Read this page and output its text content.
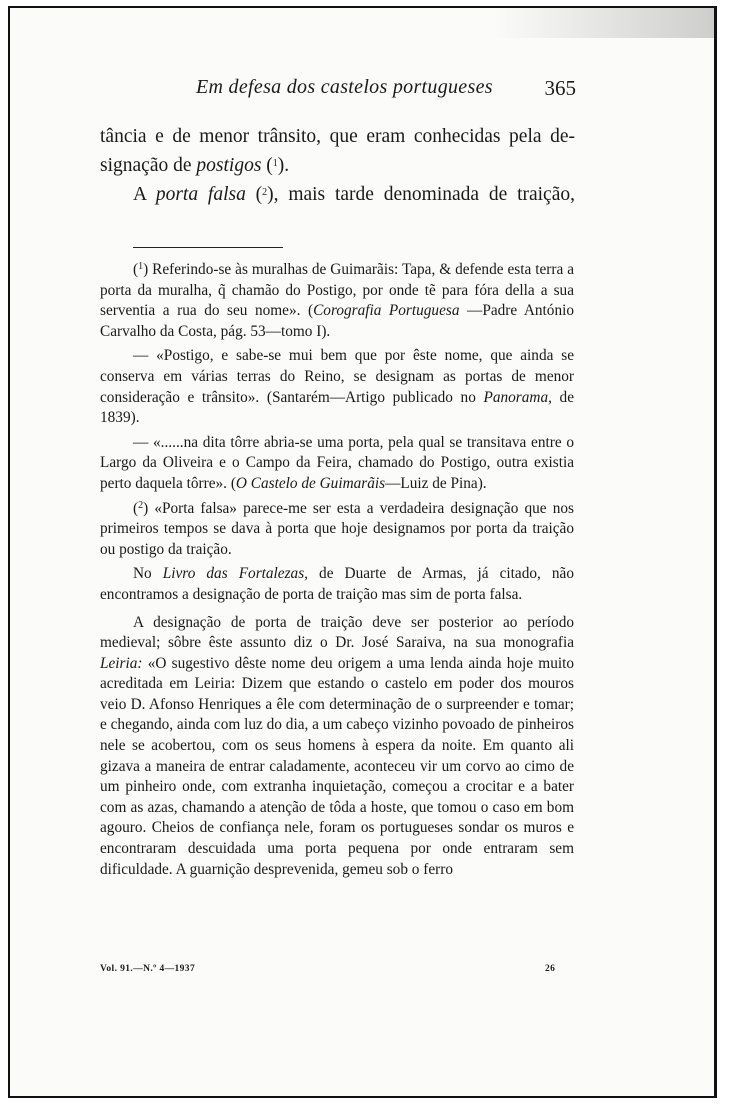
Em defesa dos castelos portugueses 365

tância e de menor trânsito, que eram conhecidas pela de-

signação de postigos ($^1$).

A porta falsa ($^2$), mais tarde denominada de traição,

($^1$) Referindo-se às muralhas de Guimarãis: Tapa, & defende esta terra a porta da muralha, q̃ chamão do Postigo, por onde tẽ para fóra della a sua serventia a rua do seu nome». (Corografia Portuguesa —Padre António Carvalho da Costa, pág. 53—tomo I).

— «Postigo, e sabe-se mui bem que por êste nome, que ainda se conserva em várias terras do Reino, se designam as portas de menor consideração e trânsito». (Santarém—Artigo publicado no Panorama, de 1839).

— «......na dita tôrre abria-se uma porta, pela qual se transitava entre o Largo da Oliveira e o Campo da Feira, chamado do Postigo, outra existia perto daquela tôrre». (O Castelo de Guimarãis—Luiz de Pina).

($^2$) «Porta falsa» parece-me ser esta a verdadeira designação que nos primeiros tempos se dava à porta que hoje designamos por porta da traição ou postigo da traição.

No Livro das Fortalezas, de Duarte de Armas, já citado, não encontramos a designação de porta de traição mas sim de porta falsa.

A designação de porta de traição deve ser posterior ao período medieval; sôbre êste assunto diz o Dr. José Saraiva, na sua monografia Leiria: «O sugestivo dêste nome deu origem a uma lenda ainda hoje muito acreditada em Leiria: Dizem que estando o castelo em poder dos mouros veio D. Afonso Henriques a êle com determinação de o surpreender e tomar; e chegando, ainda com luz do dia, a um cabeço vizinho povoado de pinheiros nele se acobertou, com os seus homens à espera da noite. Em quanto ali gizava a maneira de entrar caladamente, aconteceu vir um corvo ao cimo de um pinheiro onde, com extranha inquietação, começou a crocitar e a bater com as azas, chamando a atenção de tôda a hoste, que tomou o caso em bom agouro. Cheios de confiança nele, foram os portugueses sondar os muros e encontraram descuidada uma porta pequena por onde entraram sem dificuldade. A guarnição desprevenida, gemeu sob o ferro

Vol. 91.—N.º 4—1937	26
